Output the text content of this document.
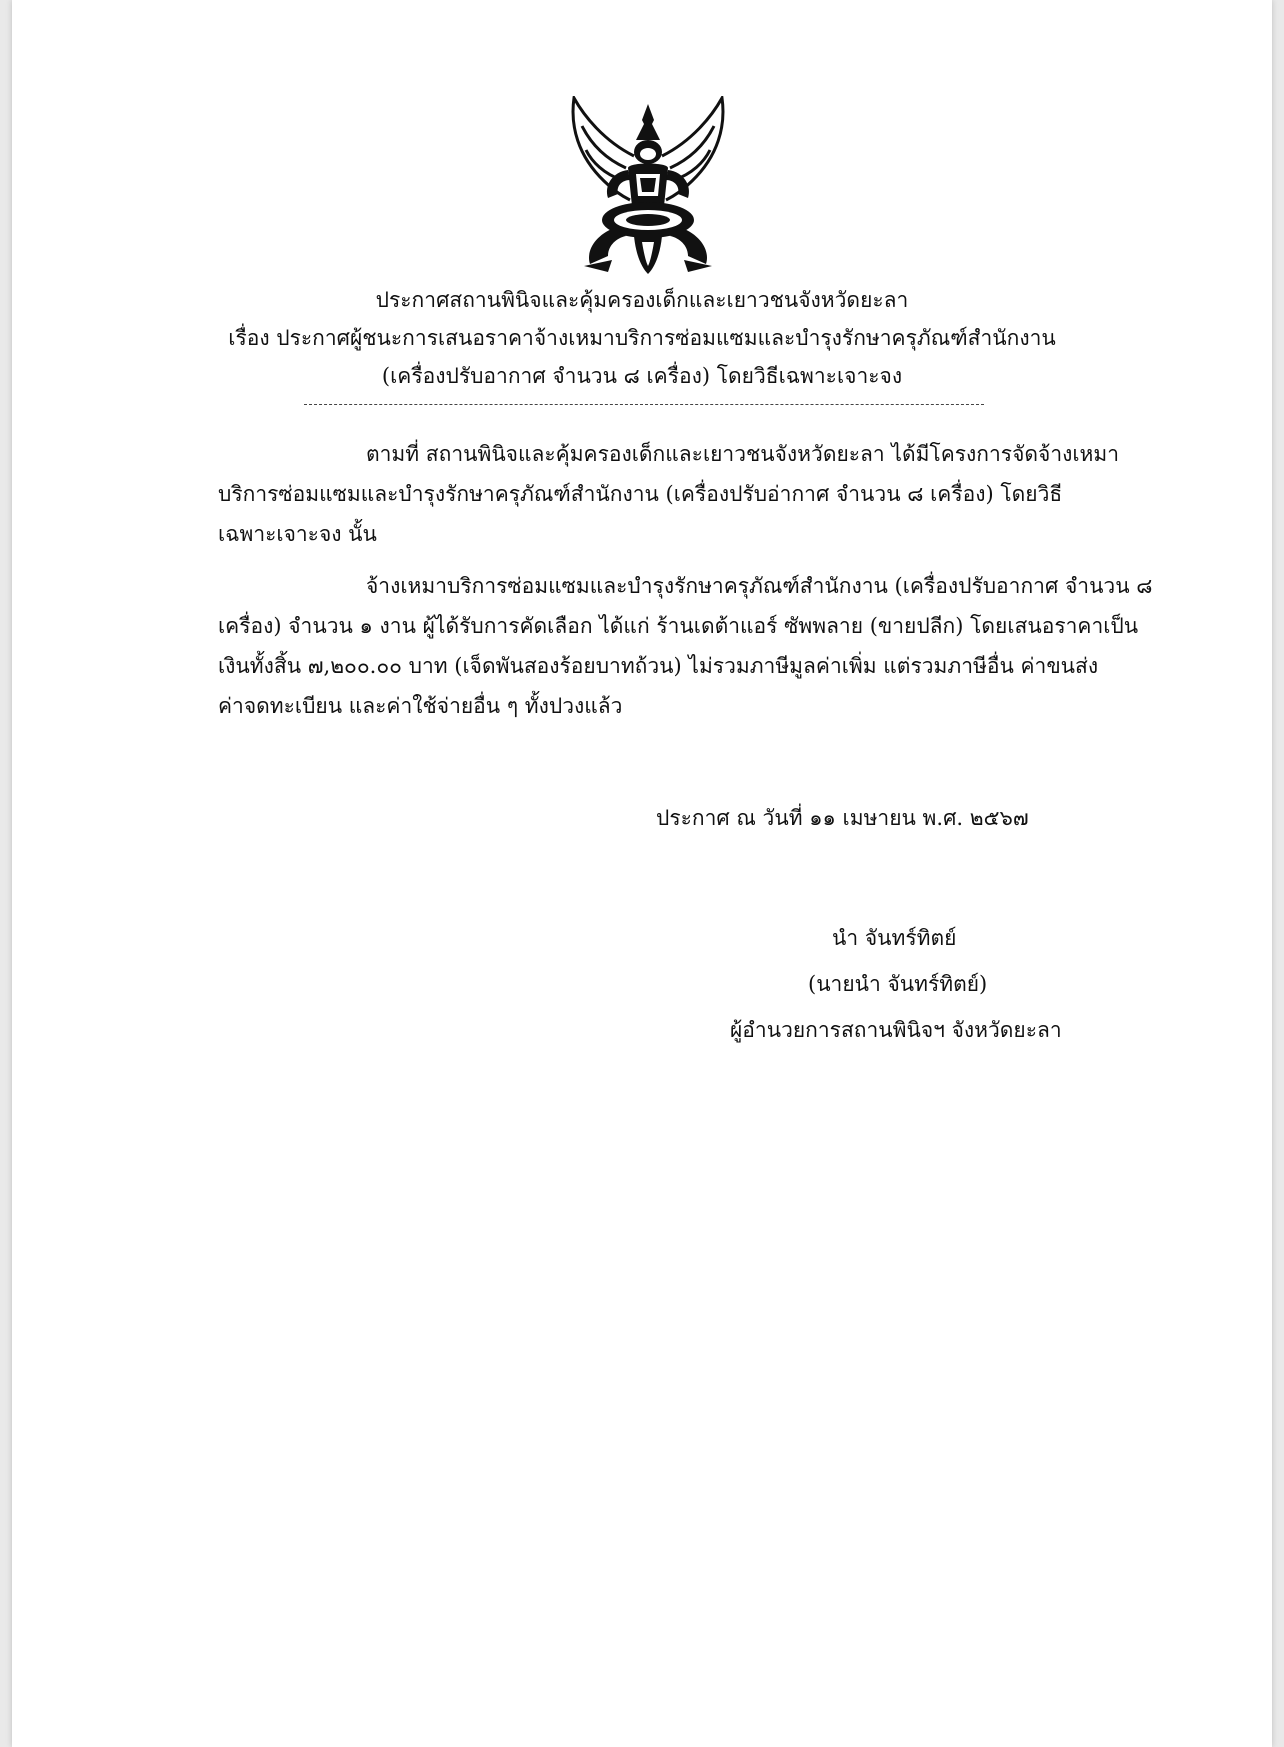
ประกาศสถานพินิจและคุ้มครองเด็กและเยาวชนจังหวัดยะลา
เรื่อง ประกาศผู้ชนะการเสนอราคาจ้างเหมาบริการซ่อมแซมและบำรุงรักษาครุภัณฑ์สำนักงาน
(เครื่องปรับอากาศ จำนวน ๘ เครื่อง) โดยวิธีเฉพาะเจาะจง
ตามที่ สถานพินิจและคุ้มครองเด็กและเยาวชนจังหวัดยะลา ได้มีโครงการจัดจ้างเหมา
บริการซ่อมแซมและบำรุงรักษาครุภัณฑ์สำนักงาน (เครื่องปรับอ่ากาศ จำนวน ๘ เครื่อง) โดยวิธี
เฉพาะเจาะจง นั้น
จ้างเหมาบริการซ่อมแซมและบำรุงรักษาครุภัณฑ์สำนักงาน (เครื่องปรับอากาศ จำนวน ๘
เครื่อง) จำนวน ๑ งาน ผู้ได้รับการคัดเลือก ได้แก่ ร้านเดต้าแอร์ ซัพพลาย (ขายปลีก) โดยเสนอราคาเป็น
เงินทั้งสิ้น ๗,๒๐๐.๐๐ บาท (เจ็ดพันสองร้อยบาทถ้วน) ไม่รวมภาษีมูลค่าเพิ่ม แต่รวมภาษีอื่น ค่าขนส่ง
ค่าจดทะเบียน และค่าใช้จ่ายอื่น ๆ ทั้งปวงแล้ว
ประกาศ ณ วันที่ ๑๑ เมษายน พ.ศ. ๒๕๖๗
นำ จันทร์ทิตย์
(นายนำ จันทร์ทิตย์)
ผู้อำนวยการสถานพินิจฯ จังหวัดยะลา
